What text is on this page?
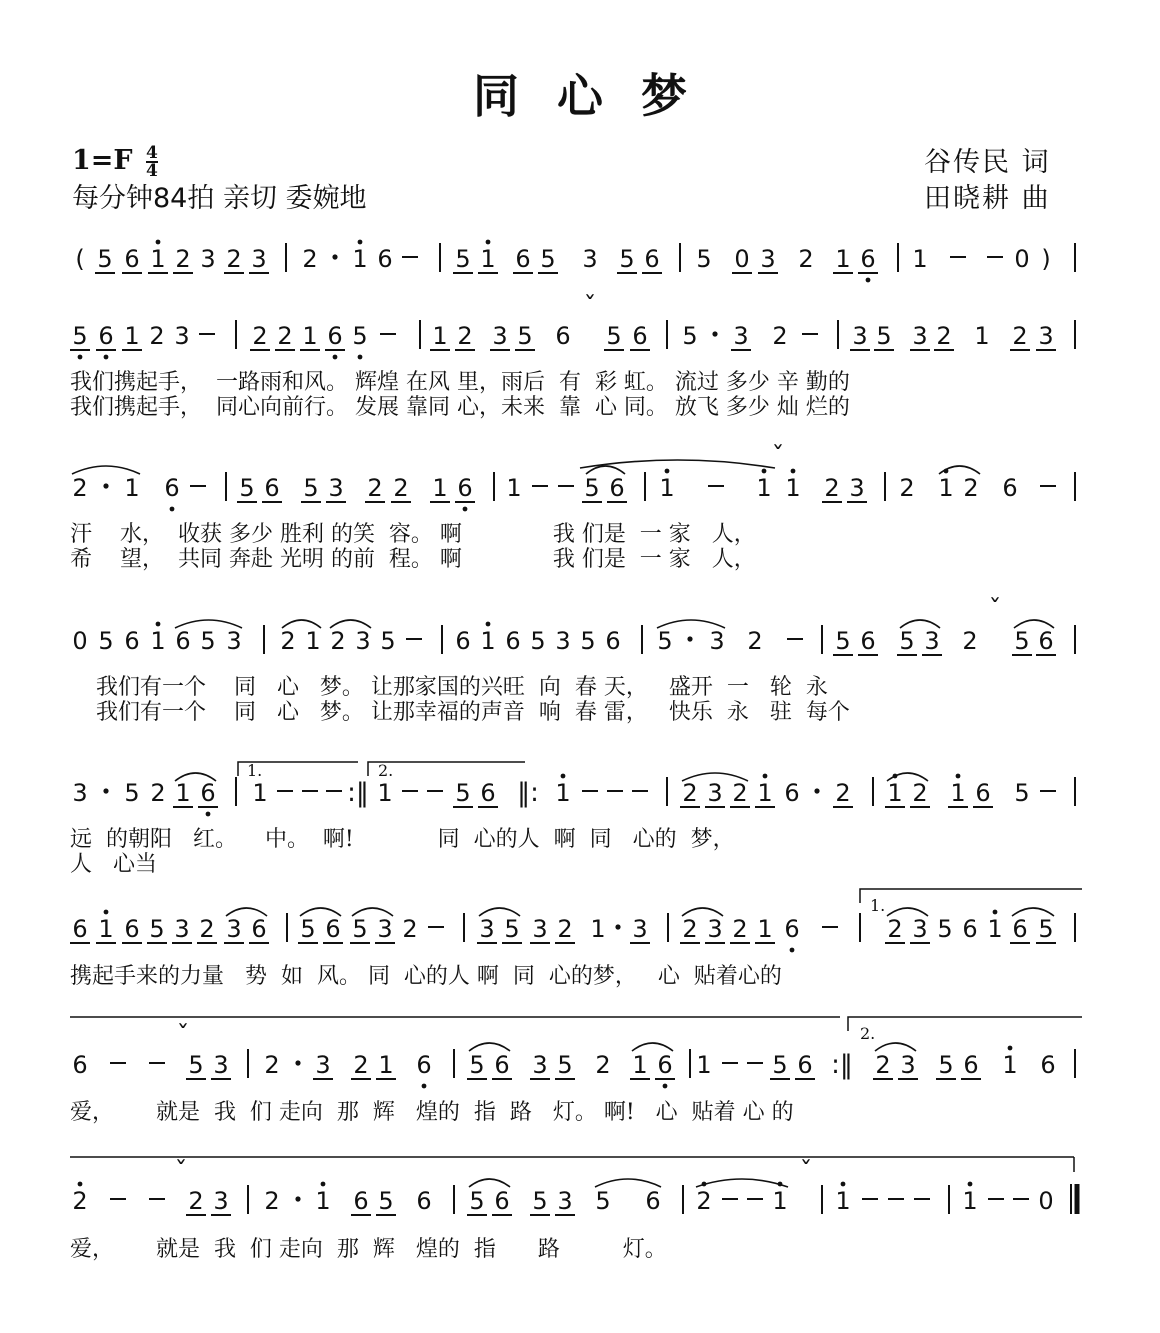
同心梦
$1=F \frac{4}{4}$
每分钟84拍 亲切 委婉地
谷传民 词
田晓耕 曲
( 5 6 1 2 3 2 3 2 1 6	5 1 6 5 3 5 6 5 0 3 2 1 6 1	0 )
5 6 1 2 3	2 2 1 6 5	1 2 3 5 6
ˇ
5 6 5 3 2	3 5 3 2 1 2 3
2 1 6 5 6 5 3 2 2 1 6 1	5 6 1	1
ˇ
1 2 3 2 1 2 6
0 5 6 1 6 5 3 2 1 2 3 5 6 1 6 5 3 5 6 5 3 2	5 6 5 3 2
ˇ
5 6
3 5 2 1 6 1	:‖ 1	5 6 ‖: 1	2 3 2 1 6 2 1 2 1 6 5
6 1 6 5 3 2 3 6 5 6 5 3 2	3 5 3 2 1 3 2 3 2 1 6	2 3 5 6 1 6 5
6
ˇ
5 3 2 3 2 1 6 5 6 3 5 2 1 6 1	5 6 :‖ 2 3 5 6 1 6
2
ˇ
2 3 2 1 6 5 6 5 6 5 3 5 6 2	1
ˇ
1	1	0
我们携起手，  一路雨和风。 辉煌 在风 里，雨后  有  彩 虹。 流过 多少 辛 勤的
我们携起手，  同心向前行。 发展 靠同 心，未来  靠  心 同。 放飞 多少 灿 烂的
汗    水，  收获 多少 胜利 的笑  容。 啊             我 们是  一 家   人，
希    望，  共同 奔赴 光明 的前  程。 啊             我 们是  一 家   人，
我们有一个    同   心   梦。 让那家国的兴旺  向  春 天，   盛开  一   轮  永
我们有一个    同   心   梦。 让那幸福的声音  响  春 雷，   快乐  永   驻  每个
远  的朝阳   红。    中。  啊!            同  心的人  啊  同   心的  梦，
人   心当
携起手来的力量   势  如  风。 同  心的人 啊  同  心的梦，   心  贴着心的
爱，      就是  我  们 走向  那  辉   煌的  指  路   灯。 啊!   心  贴着 心 的
爱，      就是  我  们 走向  那  辉   煌的  指      路         灯。
1.	2.
1.
2.
